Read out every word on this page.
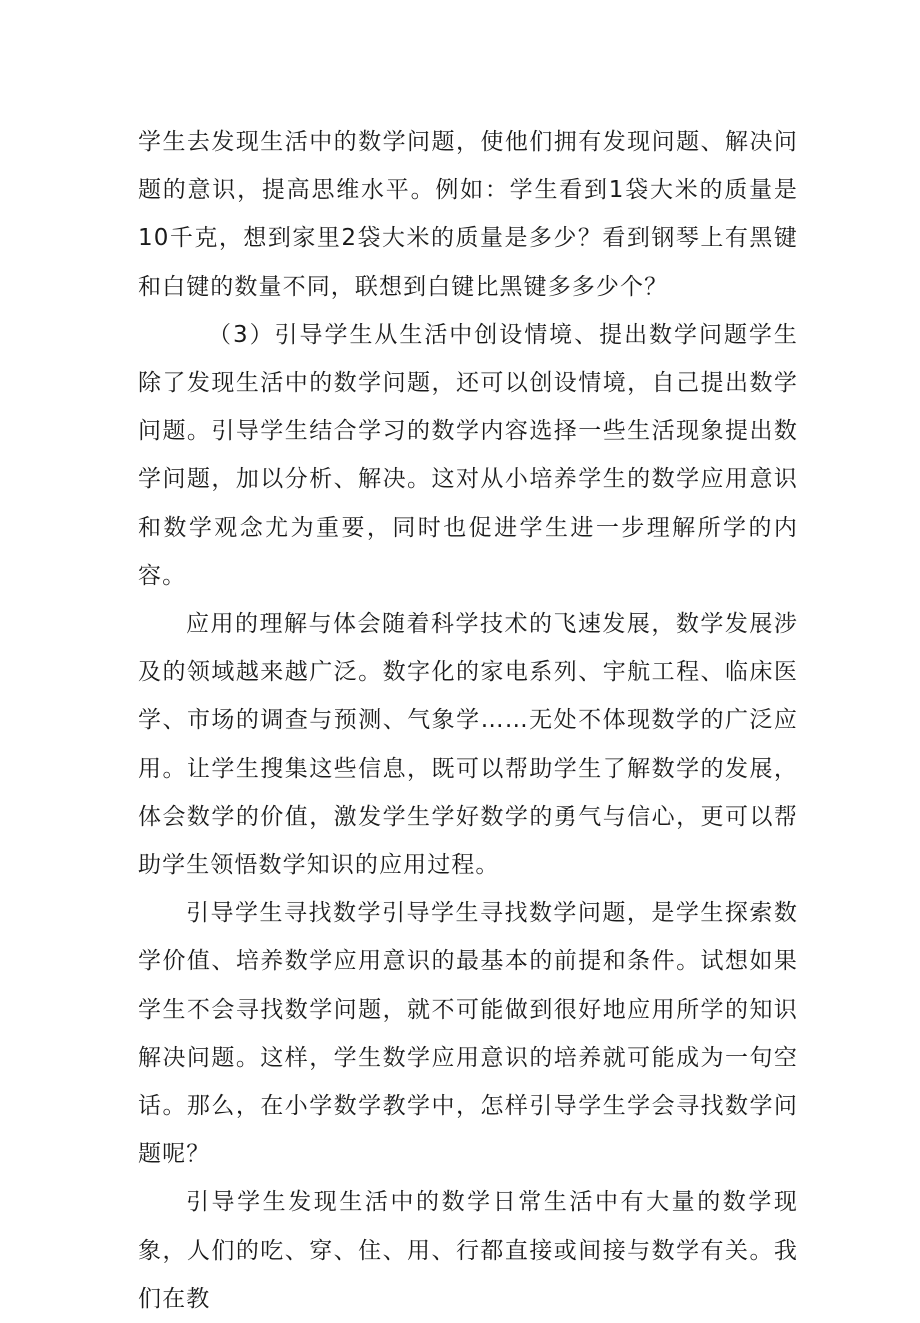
学生去发现生活中的数学问题，使他们拥有发现问题、解决问题的意识，提高思维水平。例如：学生看到1袋大米的质量是10千克，想到家里2袋大米的质量是多少？看到钢琴上有黑键和白键的数量不同，联想到白键比黑键多多少个？

（3）引导学生从生活中创设情境、提出数学问题学生除了发现生活中的数学问题，还可以创设情境，自己提出数学问题。引导学生结合学习的数学内容选择一些生活现象提出数学问题，加以分析、解决。这对从小培养学生的数学应用意识和数学观念尤为重要，同时也促进学生进一步理解所学的内容。

应用的理解与体会随着科学技术的飞速发展，数学发展涉及的领域越来越广泛。数字化的家电系列、宇航工程、临床医学、市场的调查与预测、气象学……无处不体现数学的广泛应用。让学生搜集这些信息，既可以帮助学生了解数学的发展，体会数学的价值，激发学生学好数学的勇气与信心，更可以帮助学生领悟数学知识的应用过程。

引导学生寻找数学引导学生寻找数学问题，是学生探索数学价值、培养数学应用意识的最基本的前提和条件。试想如果学生不会寻找数学问题，就不可能做到很好地应用所学的知识解决问题。这样，学生数学应用意识的培养就可能成为一句空话。那么，在小学数学教学中，怎样引导学生学会寻找数学问题呢？

引导学生发现生活中的数学日常生活中有大量的数学现象，人们的吃、穿、住、用、行都直接或间接与数学有关。我们在教
